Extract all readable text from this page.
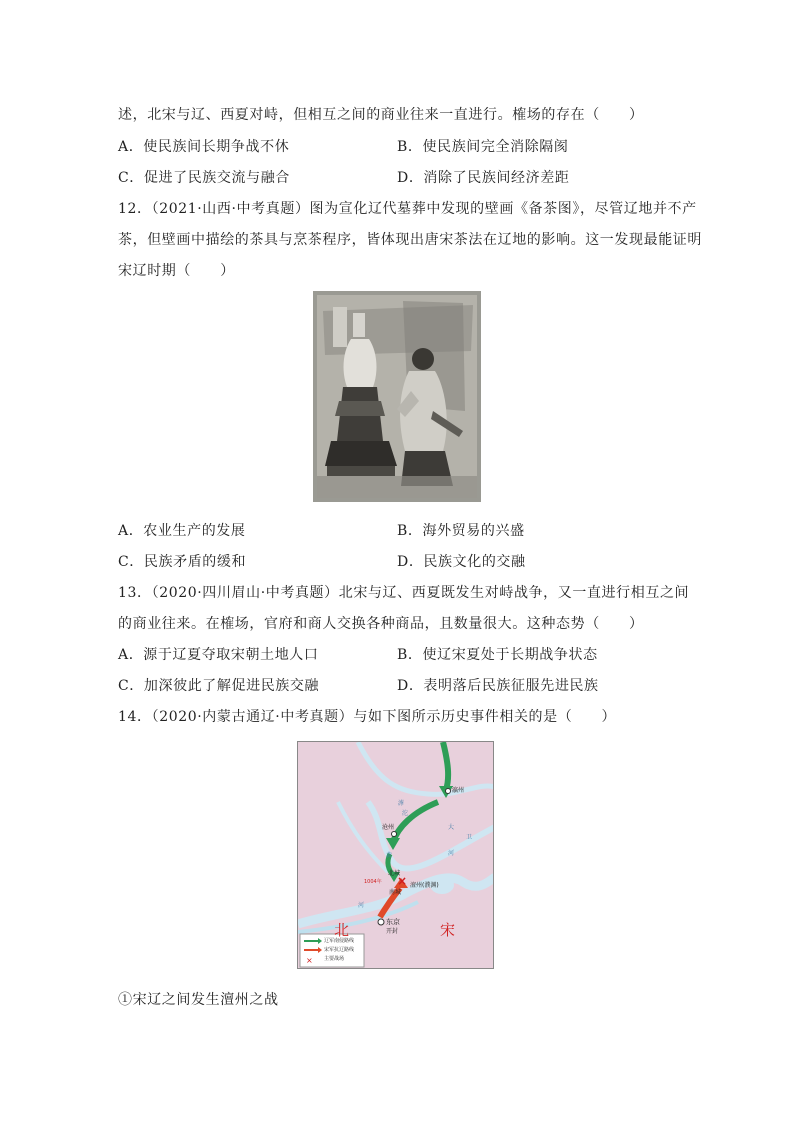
述，北宋与辽、西夏对峙，但相互之间的商业往来一直进行。榷场的存在（　　）
A．使民族间长期争战不休	B．使民族间完全消除隔阂
C．促进了民族交流与融合	D．消除了民族间经济差距
12．（2021·山西·中考真题）图为宣化辽代墓葬中发现的壁画《备茶图》，尽管辽地并不产
茶，但壁画中描绘的茶具与烹茶程序，皆体现出唐宋茶法在辽地的影响。这一发现最能证明
宋辽时期（　　）
A．农业生产的发展	B．海外贸易的兴盛
C．民族矛盾的缓和	D．民族文化的交融
13．（2020·四川眉山·中考真题）北宋与辽、西夏既发生对峙战争，又一直进行相互之间
的商业往来。在榷场，官府和商人交换各种商品，且数量很大。这种态势（　　）
A．源于辽夏夺取宋朝土地人口	B．使辽宋夏处于长期战争状态
C．加深彼此了解促进民族交融	D．表明落后民族征服先进民族
14．（2020·内蒙古通辽·中考真题）与如下图所示历史事件相关的是（　　）
×
×
瀛州
沧州
北城
1004年
南城
澶州(濮渊)
东京
开封
北	宋
滹
沱
大
卫
黄	河
河
辽军南侵路线
宋军抗辽路线
主要战场
①宋辽之间发生澶州之战
